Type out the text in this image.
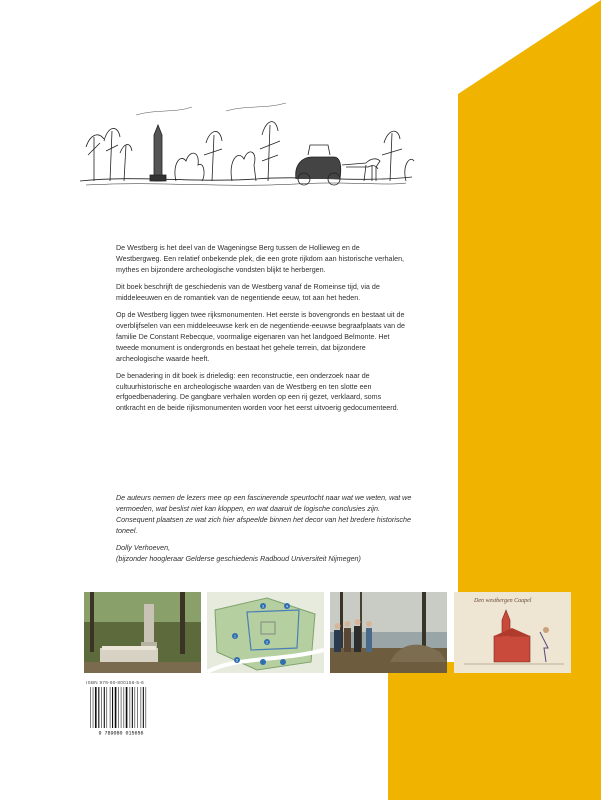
De Westberg is het deel van de Wageningse Berg tussen de Hollieweg en de Westbergweg. Een relatief onbekende plek, die een grote rijkdom aan historische verhalen, mythes en bijzondere archeologische vondsten blijkt te herbergen.

Dit boek beschrijft de geschiedenis van de Westberg vanaf de Romeinse tijd, via de middeleeuwen en de romantiek van de negentiende eeuw, tot aan het heden.

Op de Westberg liggen twee rijksmonumenten. Het eerste is bovengronds en bestaat uit de overblijfselen van een middeleeuwse kerk en de negentiende-eeuwse begraafplaats van de familie De Constant Rebecque, voormalige eigenaren van het landgoed Belmonte. Het tweede monument is ondergronds en bestaat het gehele terrein, dat bijzondere archeologische waarde heeft.

De benadering in dit boek is drieledig: een reconstructie, een onderzoek naar de cultuurhistorische en archeologische waarden van de Westberg en ten slotte een erfgoedbenadering. De gangbare verhalen worden op een rij gezet, verklaard, soms ontkracht en de beide rijksmonumenten worden voor het eerst uitvoerig gedocumenteerd.

De auteurs nemen de lezers mee op een fascinerende speurtocht naar wat we weten, wat we vermoeden, wat beslist niet kan kloppen, en wat daaruit de logische conclusies zijn. Consequent plaatsen ze wat zich hier afspeelde binnen het decor van het bredere historische toneel.

Dolly Verhoeven,
(bijzonder hoogleraar Gelderse geschiedenis Radboud Universiteit Nijmegen)
1
2
3	4
5
Den westbergen Caapel
ISBN 978-90-800156-5-6
9 789080 015656
